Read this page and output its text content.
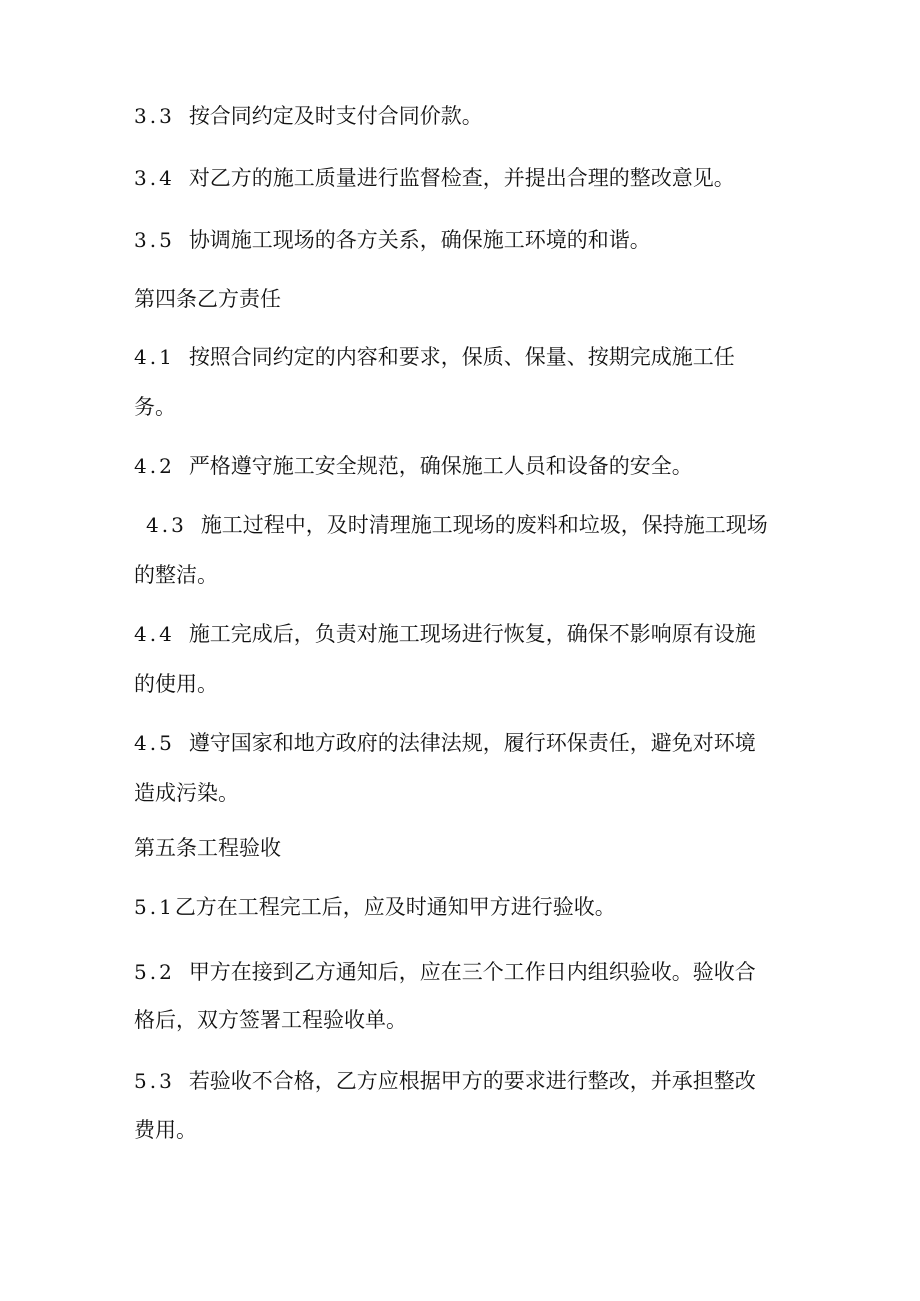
3.3 按合同约定及时支付合同价款。
3.4 对乙方的施工质量进行监督检查，并提出合理的整改意见。
3.5 协调施工现场的各方关系，确保施工环境的和谐。
第四条乙方责任
4.1 按照合同约定的内容和要求，保质、保量、按期完成施工任
务。
4.2 严格遵守施工安全规范，确保施工人员和设备的安全。
4.3 施工过程中，及时清理施工现场的废料和垃圾，保持施工现场
的整洁。
4.4 施工完成后，负责对施工现场进行恢复，确保不影响原有设施
的使用。
4.5 遵守国家和地方政府的法律法规，履行环保责任，避免对环境
造成污染。
第五条工程验收
5.1乙方在工程完工后，应及时通知甲方进行验收。
5.2 甲方在接到乙方通知后，应在三个工作日内组织验收。验收合
格后，双方签署工程验收单。
5.3 若验收不合格，乙方应根据甲方的要求进行整改，并承担整改
费用。
